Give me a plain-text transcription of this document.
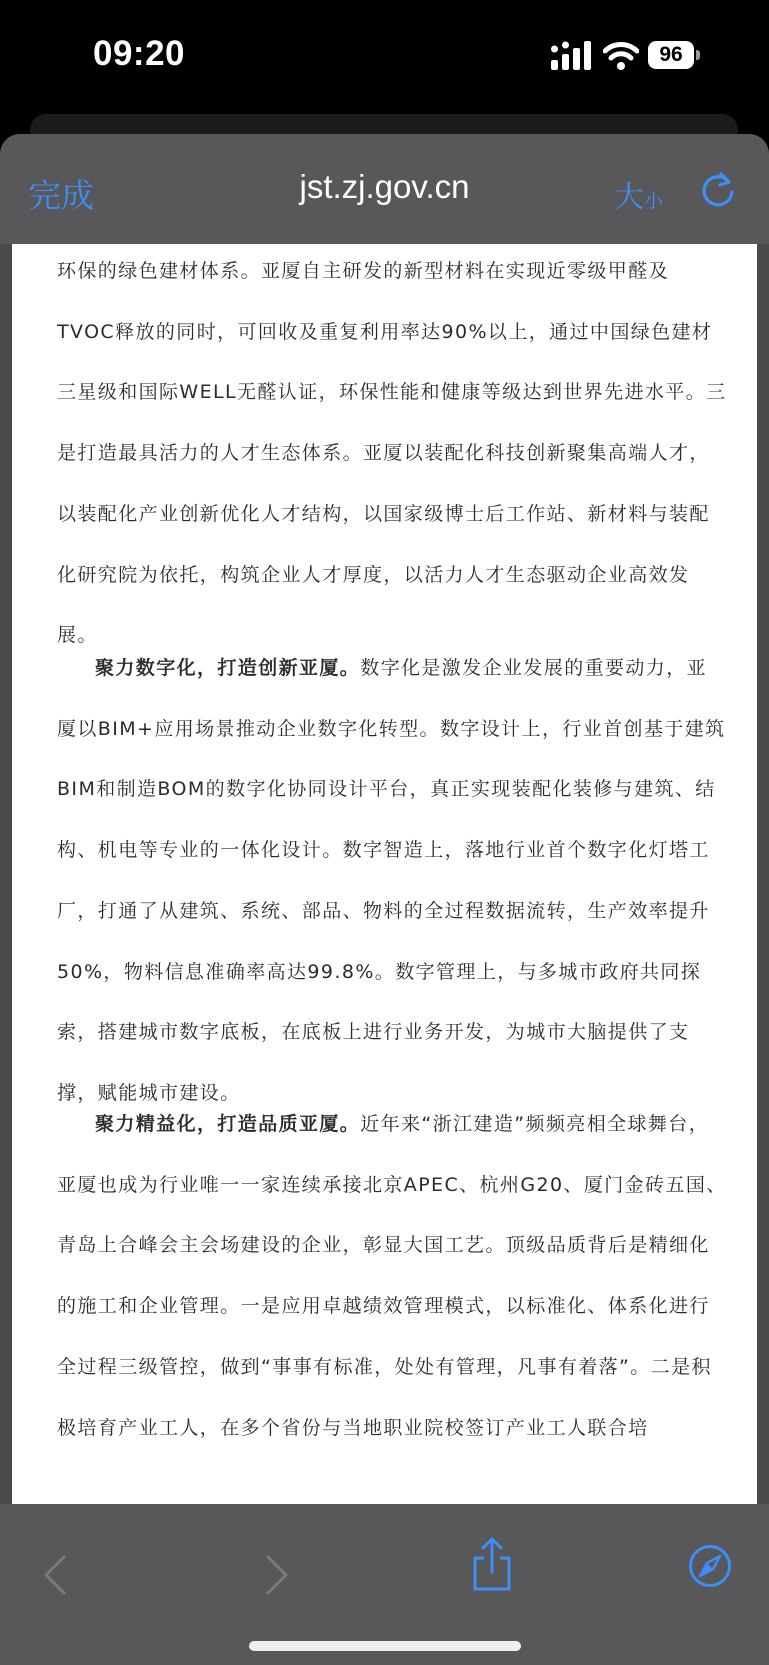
09:20	96
完成	jst.zj.gov.cn	大小

环保的绿色建材体系。亚厦自主研发的新型材料在实现近零级甲醛及TVOC释放的同时，可回收及重复利用率达90%以上，通过中国绿色建材三星级和国际WELL无醛认证，环保性能和健康等级达到世界先进水平。三是打造最具活力的人才生态体系。亚厦以装配化科技创新聚集高端人才，以装配化产业创新优化人才结构，以国家级博士后工作站、新材料与装配化研究院为依托，构筑企业人才厚度，以活力人才生态驱动企业高效发展。

聚力数字化，打造创新亚厦。数字化是激发企业发展的重要动力，亚厦以BIM+应用场景推动企业数字化转型。数字设计上，行业首创基于建筑BIM和制造BOM的数字化协同设计平台，真正实现装配化装修与建筑、结构、机电等专业的一体化设计。数字智造上，落地行业首个数字化灯塔工厂，打通了从建筑、系统、部品、物料的全过程数据流转，生产效率提升50%，物料信息准确率高达99.8%。数字管理上，与多城市政府共同探索，搭建城市数字底板，在底板上进行业务开发，为城市大脑提供了支撑，赋能城市建设。

聚力精益化，打造品质亚厦。近年来“浙江建造”频频亮相全球舞台，亚厦也成为行业唯一一家连续承接北京APEC、杭州G20、厦门金砖五国、青岛上合峰会主会场建设的企业，彰显大国工艺。顶级品质背后是精细化的施工和企业管理。一是应用卓越绩效管理模式，以标准化、体系化进行全过程三级管控，做到“事事有标准，处处有管理，凡事有着落”。二是积极培育产业工人，在多个省份与当地职业院校签订产业工人联合培
